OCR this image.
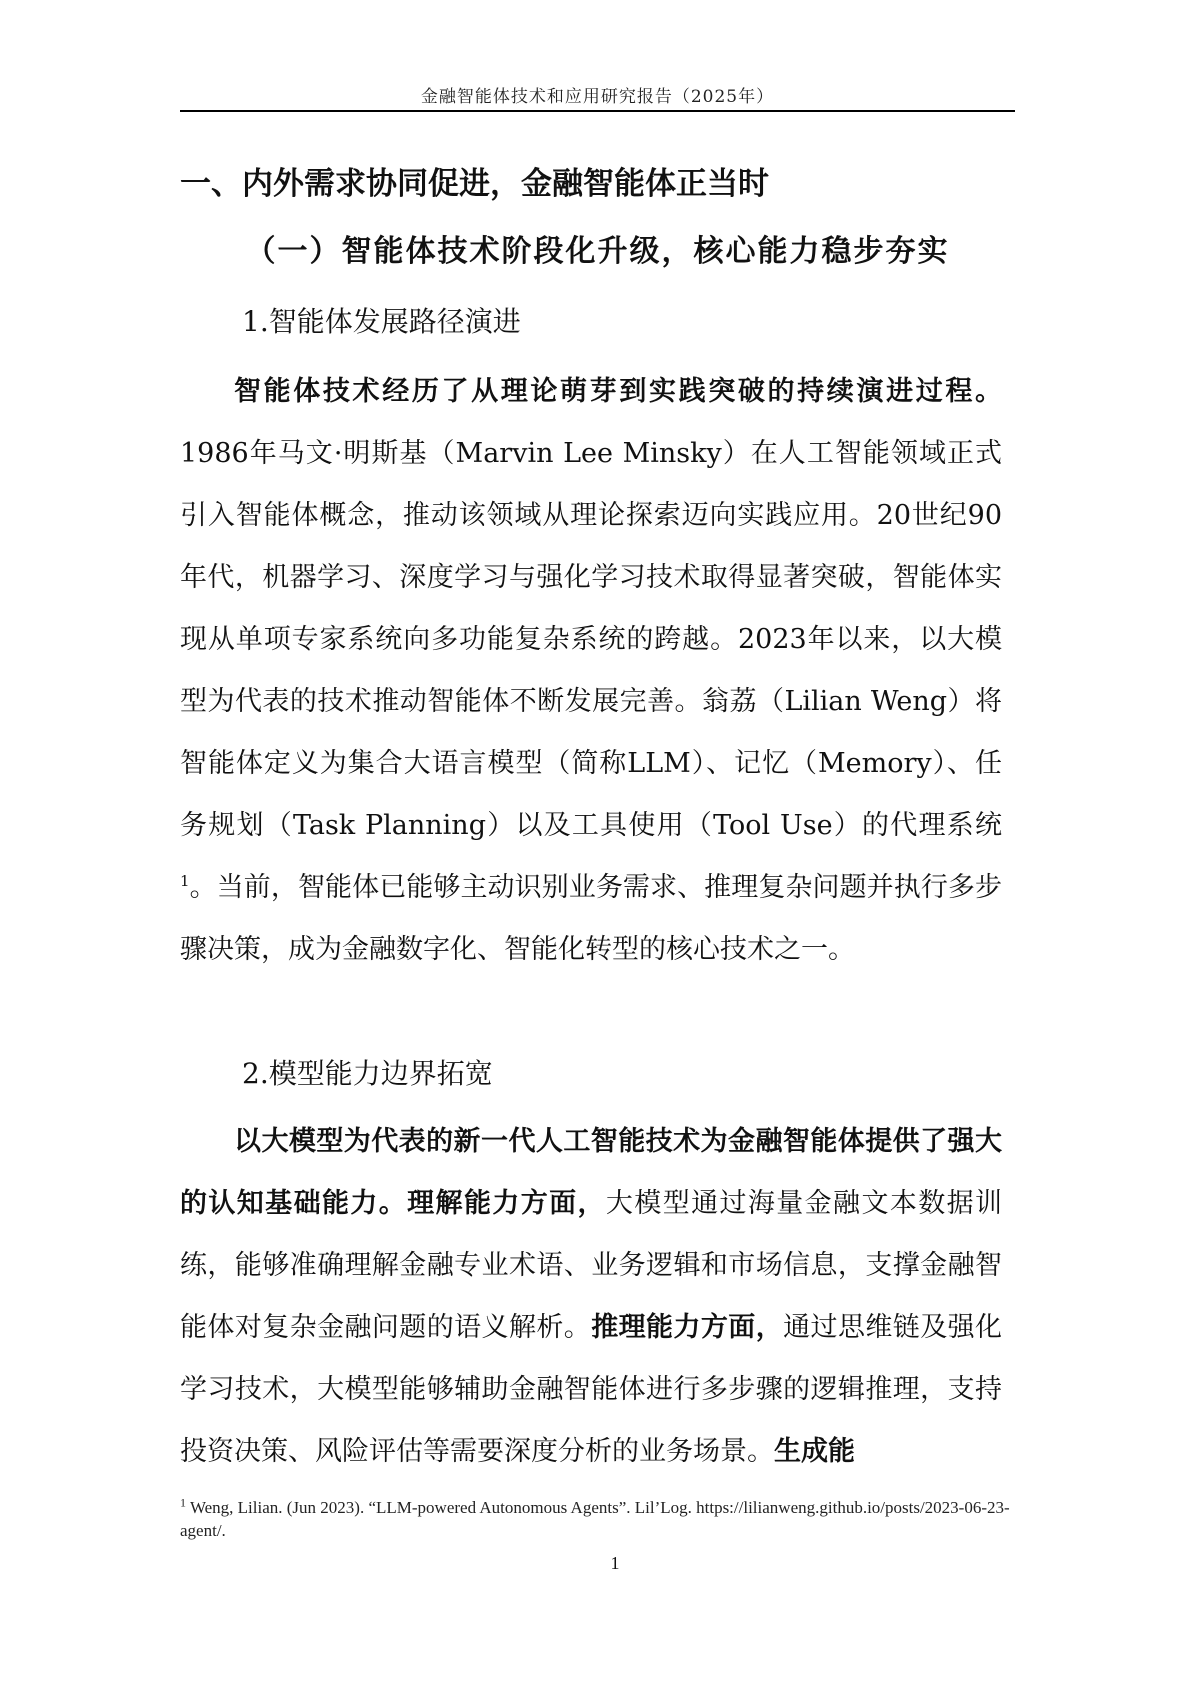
金融智能体技术和应用研究报告（2025年）
一、内外需求协同促进，金融智能体正当时
（一）智能体技术阶段化升级，核心能力稳步夯实
1.智能体发展路径演进
智能体技术经历了从理论萌芽到实践突破的持续演进过程。1986年马文·明斯基（Marvin Lee Minsky）在人工智能领域正式引入智能体概念，推动该领域从理论探索迈向实践应用。20世纪90年代，机器学习、深度学习与强化学习技术取得显著突破，智能体实现从单项专家系统向多功能复杂系统的跨越。2023年以来，以大模型为代表的技术推动智能体不断发展完善。翁荔（Lilian Weng）将智能体定义为集合大语言模型（简称LLM）、记忆（Memory）、任务规划（Task Planning）以及工具使用（Tool Use）的代理系统$^1$。当前，智能体已能够主动识别业务需求、推理复杂问题并执行多步骤决策，成为金融数字化、智能化转型的核心技术之一。
2.模型能力边界拓宽
以大模型为代表的新一代人工智能技术为金融智能体提供了强大的认知基础能力。理解能力方面，大模型通过海量金融文本数据训练，能够准确理解金融专业术语、业务逻辑和市场信息，支撑金融智能体对复杂金融问题的语义解析。推理能力方面，通过思维链及强化学习技术，大模型能够辅助金融智能体进行多步骤的逻辑推理，支持投资决策、风险评估等需要深度分析的业务场景。生成能
$^1$ Weng, Lilian. (Jun 2023). “LLM-powered Autonomous Agents”. Lil’Log. https://lilianweng.github.io/posts/2023-06-23-agent/.
1
